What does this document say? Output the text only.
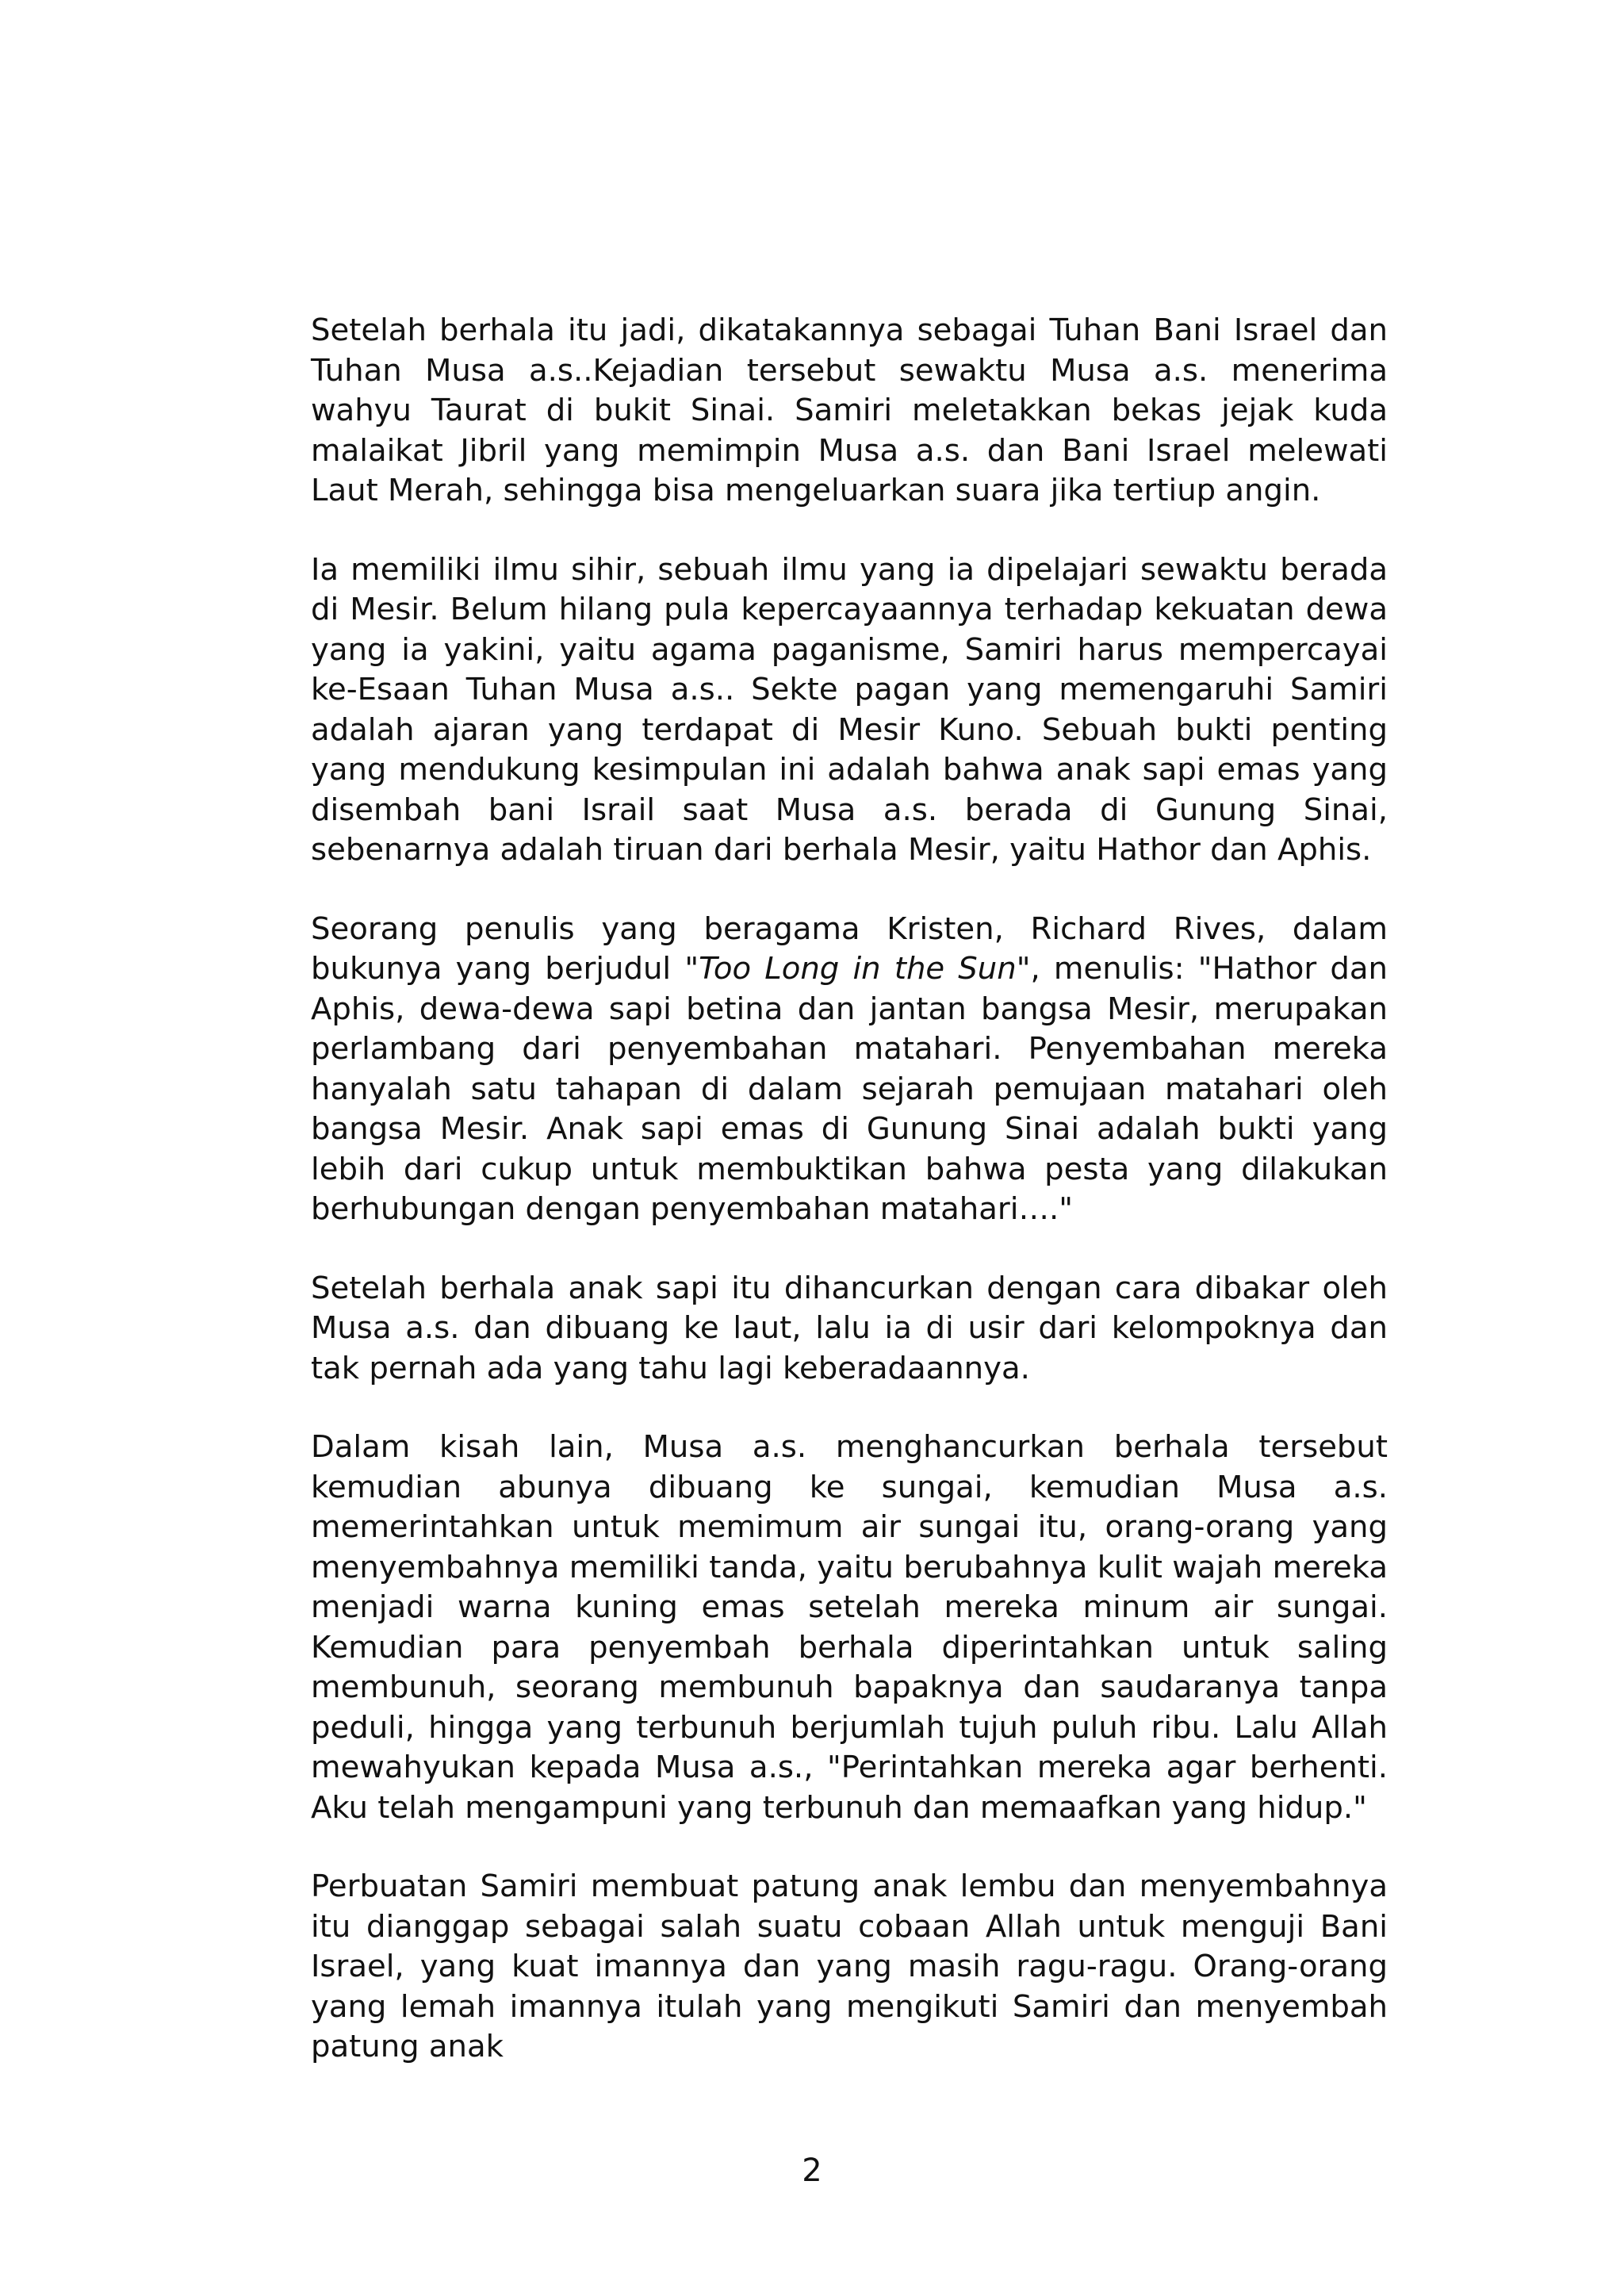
Setelah berhala itu jadi, dikatakannya sebagai Tuhan Bani Israel dan Tuhan Musa a.s..Kejadian tersebut sewaktu Musa a.s. menerima wahyu Taurat di bukit Sinai. Samiri meletakkan bekas jejak kuda malaikat Jibril yang memimpin Musa a.s. dan Bani Israel melewati Laut Merah, sehingga bisa mengeluarkan suara jika tertiup angin.

Ia memiliki ilmu sihir, sebuah ilmu yang ia dipelajari sewaktu berada di Mesir. Belum hilang pula kepercayaannya terhadap kekuatan dewa yang ia yakini, yaitu agama paganisme, Samiri harus mempercayai ke-Esaan Tuhan Musa a.s.. Sekte pagan yang memengaruhi Samiri adalah ajaran yang terdapat di Mesir Kuno. Sebuah bukti penting yang mendukung kesimpulan ini adalah bahwa anak sapi emas yang disembah bani Israil saat Musa a.s. berada di Gunung Sinai, sebenarnya adalah tiruan dari berhala Mesir, yaitu Hathor dan Aphis.

Seorang penulis yang beragama Kristen, Richard Rives, dalam bukunya yang berjudul "Too Long in the Sun", menulis: "Hathor dan Aphis, dewa-dewa sapi betina dan jantan bangsa Mesir, merupakan perlambang dari penyembahan matahari. Penyembahan mereka hanyalah satu tahapan di dalam sejarah pemujaan matahari oleh bangsa Mesir. Anak sapi emas di Gunung Sinai adalah bukti yang lebih dari cukup untuk membuktikan bahwa pesta yang dilakukan berhubungan dengan penyembahan matahari…."

Setelah berhala anak sapi itu dihancurkan dengan cara dibakar oleh Musa a.s. dan dibuang ke laut, lalu ia di usir dari kelompoknya dan tak pernah ada yang tahu lagi keberadaannya.

Dalam kisah lain, Musa a.s. menghancurkan berhala tersebut kemudian abunya dibuang ke sungai, kemudian Musa a.s. memerintahkan untuk memimum air sungai itu, orang-orang yang menyembahnya memiliki tanda, yaitu berubahnya kulit wajah mereka menjadi warna kuning emas setelah mereka minum air sungai. Kemudian para penyembah berhala diperintahkan untuk saling membunuh, seorang membunuh bapaknya dan saudaranya tanpa peduli, hingga yang terbunuh berjumlah tujuh puluh ribu. Lalu Allah mewahyukan kepada Musa a.s., "Perintahkan mereka agar berhenti. Aku telah mengampuni yang terbunuh dan memaafkan yang hidup."

Perbuatan Samiri membuat patung anak lembu dan menyembahnya itu dianggap sebagai salah suatu cobaan Allah untuk menguji Bani Israel, yang kuat imannya dan yang masih ragu-ragu. Orang-orang yang lemah imannya itulah yang mengikuti Samiri dan menyembah patung anak

2
